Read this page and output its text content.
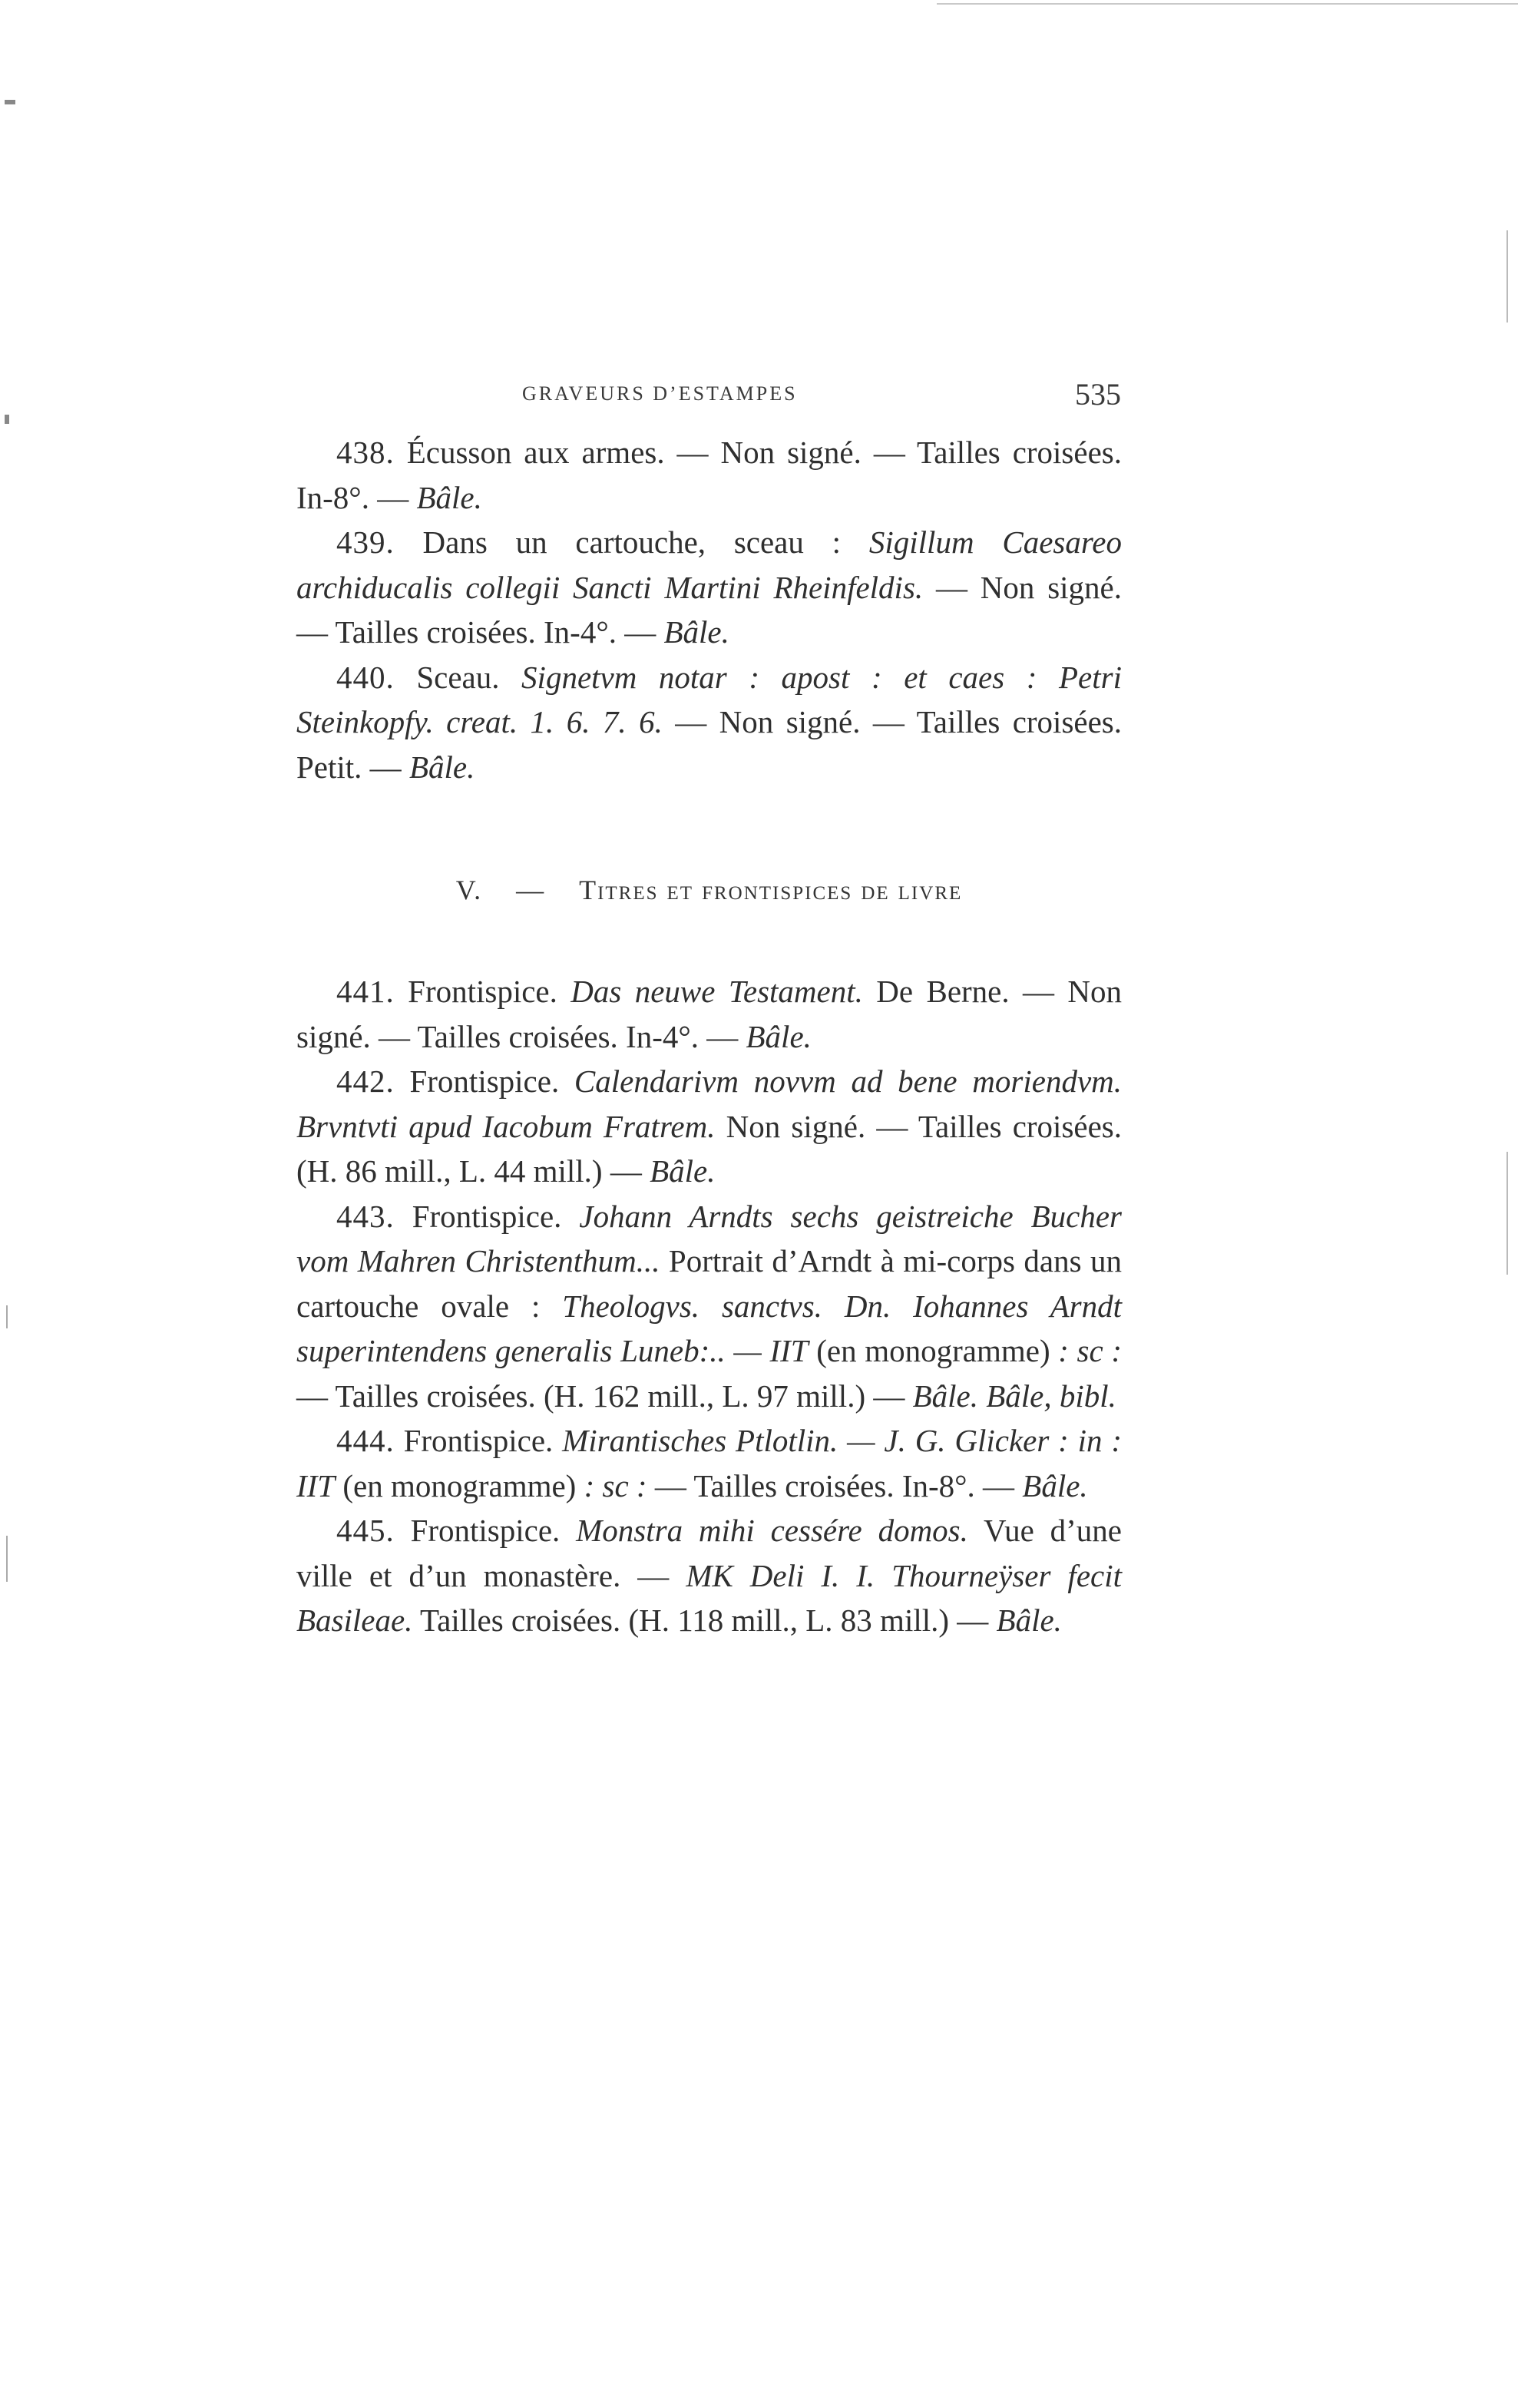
GRAVEURS D’ESTAMPES	535

438. Écusson aux armes. — Non signé. — Tailles croisées. In-8°. — Bâle.

439. Dans un cartouche, sceau : Sigillum Caesareo archiducalis collegii Sancti Martini Rheinfeldis. — Non signé. — Tailles croisées. In-4°. — Bâle.

440. Sceau. Signetvm notar : apost : et caes : Petri Steinkopfy. creat. 1. 6. 7. 6. — Non signé. — Tailles croisées. Petit. — Bâle.

V. — Titres et frontispices de livre

441. Frontispice. Das neuwe Testament. De Berne. — Non signé. — Tailles croisées. In-4°. — Bâle.

442. Frontispice. Calendarivm novvm ad bene moriendvm. Brvntvti apud Iacobum Fratrem. Non signé. — Tailles croisées. (H. 86 mill., L. 44 mill.) — Bâle.

443. Frontispice. Johann Arndts sechs geistreiche Bucher vom Mahren Christenthum... Portrait d’Arndt à mi-corps dans un cartouche ovale : Theologvs. sanctvs. Dn. Iohannes Arndt superintendens generalis Luneb:.. — IIT (en monogramme) : sc : — Tailles croisées. (H. 162 mill., L. 97 mill.) — Bâle. Bâle, bibl.

444. Frontispice. Mirantisches Ptlotlin. — J. G. Glicker : in : IIT (en monogramme) : sc : — Tailles croisées. In-8°. — Bâle.

445. Frontispice. Monstra mihi cessére domos. Vue d’une ville et d’un monastère. — MK Deli I. I. Thourneÿser fecit Basileae. Tailles croisées. (H. 118 mill., L. 83 mill.) — Bâle.
